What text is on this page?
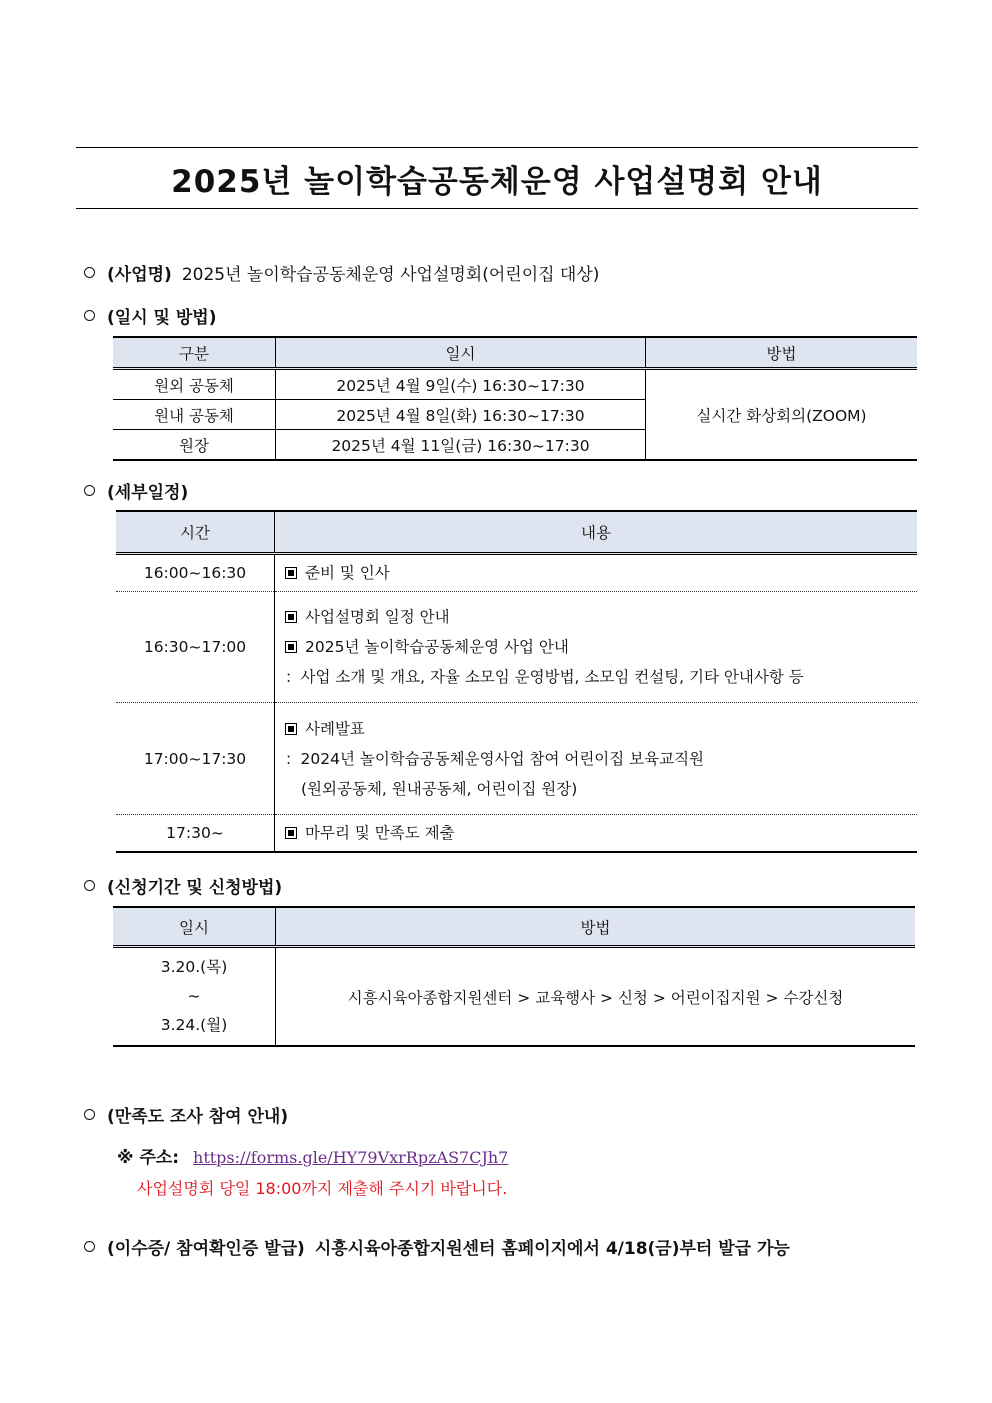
2025년 놀이학습공동체운영 사업설명회 안내
(사업명) 2025년 놀이학습공동체운영 사업설명회(어린이집 대상)
(일시 및 방법)
구분	일시	방법
원외 공동체	2025년 4월 9일(수) 16:30~17:30	실시간 화상회의(ZOOM)
원내 공동체	2025년 4월 8일(화) 16:30~17:30	
원장	2025년 4월 11일(금) 16:30~17:30	
(세부일정)
시간	내용
16:00~16:30	준비 및 인사

16:30~17:00	사업설명회 일정 안내
2025년 놀이학습공동체운영 사업 안내
：사업 소개 및 개요, 자율 소모임 운영방법, 소모임 컨설팅, 기타 안내사항 등

17:00~17:30	사례발표
：2024년 놀이학습공동체운영사업 참여 어린이집 보육교직원
(원외공동체, 원내공동체, 어린이집 원장)

17:30~	마무리 및 만족도 제출
(신청기간 및 신청방법)
일시	방법

3.20.(목)
~
3.24.(월)	시흥시육아종합지원센터 > 교육행사 > 신청 > 어린이집지원 > 수강신청
(만족도 조사 참여 안내)
※ 주소: https://forms.gle/HY79VxrRpzAS7CJh7
사업설명회 당일 18:00까지 제출해 주시기 바랍니다.
(이수증/ 참여확인증 발급) 시흥시육아종합지원센터 홈페이지에서 4/18(금)부터 발급 가능
